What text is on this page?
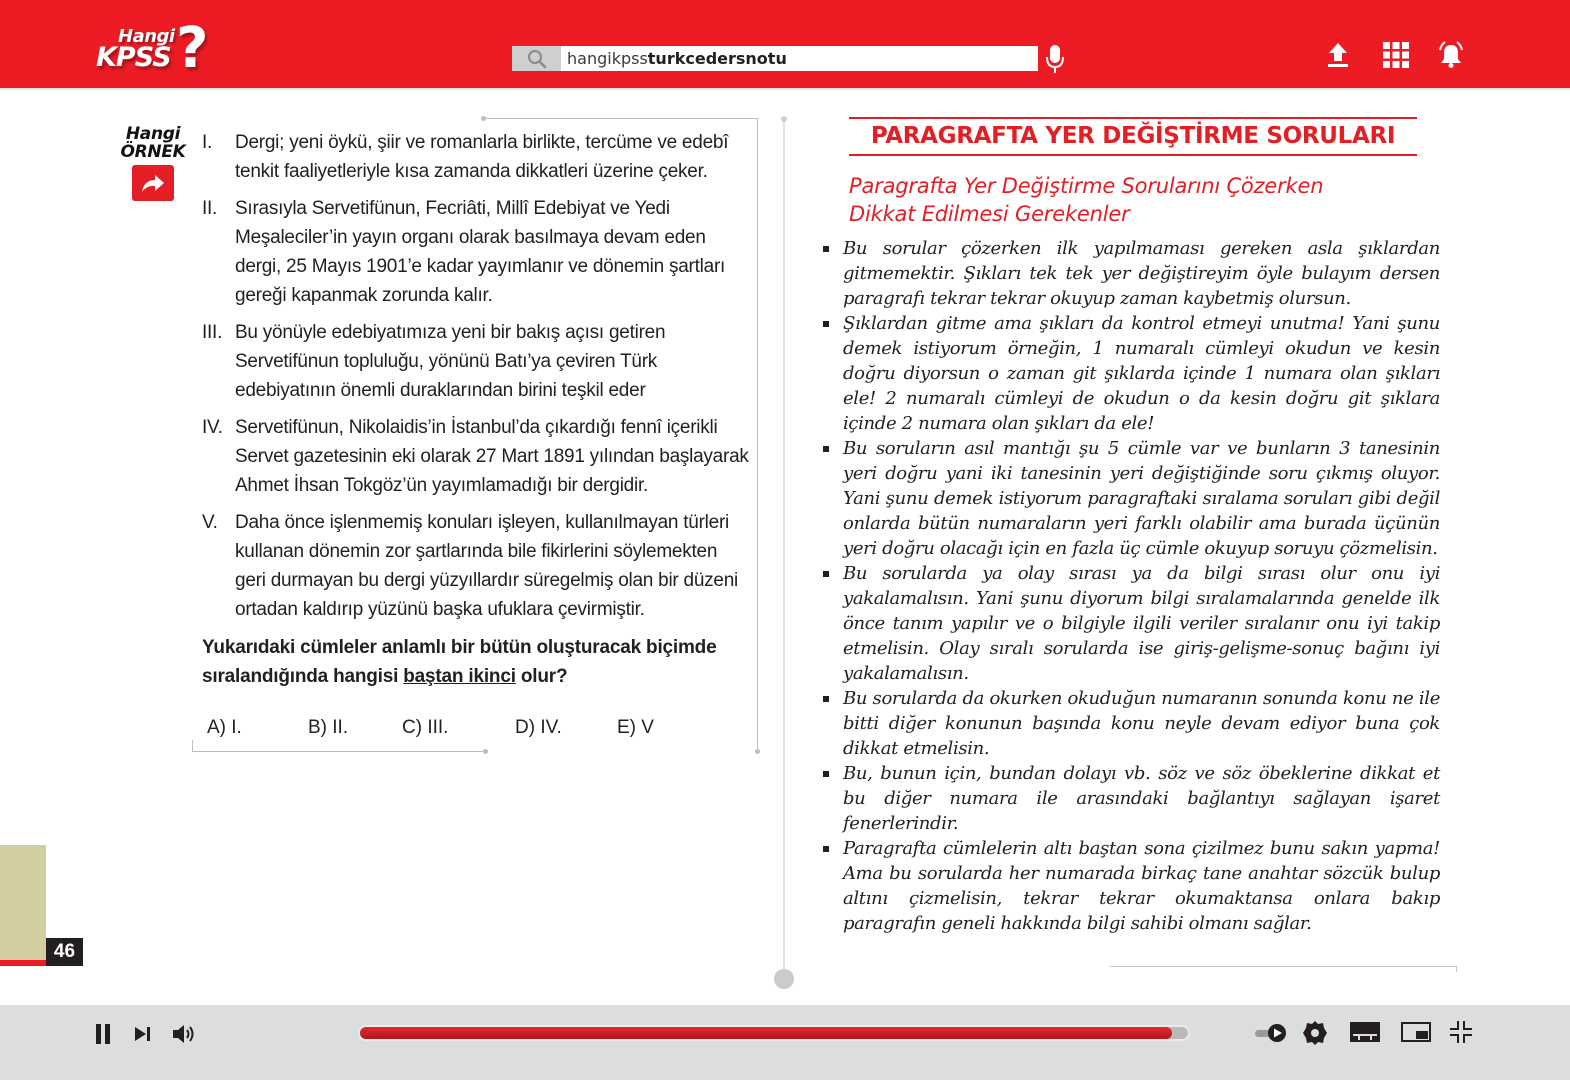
Hangi
KPSS ?	hangikpss turkcedersnotu
Hangi
ÖRNEK I.	Dergi; yeni öykü, şiir ve romanlarla birlikte, tercüme ve edebî tenkit faaliyetleriyle kısa zamanda dikkatleri üzerine çeker.
II. Sırasıyla Servetifünun, Fecriâti, Millî Edebiyat ve Yedi Meşaleciler’in yayın organı olarak basılmaya devam eden dergi, 25 Mayıs 1901’e kadar yayımlanır ve dönemin şartları gereği kapanmak zorunda kalır.
III. Bu yönüyle edebiyatımıza yeni bir bakış açısı getiren Servetifünun topluluğu, yönünü Batı’ya çeviren Türk edebiyatının önemli duraklarından birini teşkil eder
IV. Servetifünun, Nikolaidis’in İstanbul’da çıkardığı fennî içerikli Servet gazetesinin eki olarak 27 Mart 1891 yılından başlayarak Ahmet İhsan Tokgöz’ün yayımlamadığı bir dergidir.
V. Daha önce işlenmemiş konuları işleyen, kullanılmayan türleri kullanan dönemin zor şartlarında bile fikirlerini söylemekten geri durmayan bu dergi yüzyıllardır süregelmiş olan bir düzeni ortadan kaldırıp yüzünü başka ufuklara çevirmiştir.
Yukarıdaki cümleler anlamlı bir bütün oluşturacak biçimde sıralandığında hangisi baştan ikinci olur?
A) I.	B) II.	C) III.	D) IV.	E) V
46
PARAGRAFTA YER DEĞİŞTİRME SORULARI
Paragrafta Yer Değiştirme Sorularını Çözerken
Dikkat Edilmesi Gerekenler
Bu sorular çözerken ilk yapılmaması gereken asla şıklardan gitmemektir. Şıkları tek tek yer değiştireyim öyle bulayım dersen paragrafı tekrar tekrar okuyup zaman kaybetmiş olursun.
Şıklardan gitme ama şıkları da kontrol etmeyi unutma! Yani şunu demek istiyorum örneğin, 1 numaralı cümleyi okudun ve kesin doğru diyorsun o zaman git şıklarda içinde 1 numara olan şıkları ele! 2 numaralı cümleyi de okudun o da kesin doğru git şıklara içinde 2 numara olan şıkları da ele!
Bu soruların asıl mantığı şu 5 cümle var ve bunların 3 tanesinin yeri doğru yani iki tanesinin yeri değiştiğinde soru çıkmış oluyor. Yani şunu demek istiyorum paragraftaki sıralama soruları gibi değil onlarda bütün numaraların yeri farklı olabilir ama burada üçünün yeri doğru olacağı için en fazla üç cümle okuyup soruyu çözmelisin.
Bu sorularda ya olay sırası ya da bilgi sırası olur onu iyi yakalamalısın. Yani şunu diyorum bilgi sıralamalarında genelde ilk önce tanım yapılır ve o bilgiyle ilgili veriler sıralanır onu iyi takip etmelisin. Olay sıralı sorularda ise giriş-gelişme-sonuç bağını iyi yakalamalısın.
Bu sorularda da okurken okuduğun numaranın sonunda konu ne ile bitti diğer konunun başında konu neyle devam ediyor buna çok dikkat etmelisin.
Bu, bunun için, bundan dolayı vb. söz ve söz öbeklerine dikkat et bu diğer numara ile arasındaki bağlantıyı sağlayan işaret fenerlerindir.
Paragrafta cümlelerin altı baştan sona çizilmez bunu sakın yapma! Ama bu sorularda her numarada birkaç tane anahtar sözcük bulup altını çizmelisin, tekrar tekrar okumaktansa onlara bakıp paragrafın geneli hakkında bilgi sahibi olmanı sağlar.
